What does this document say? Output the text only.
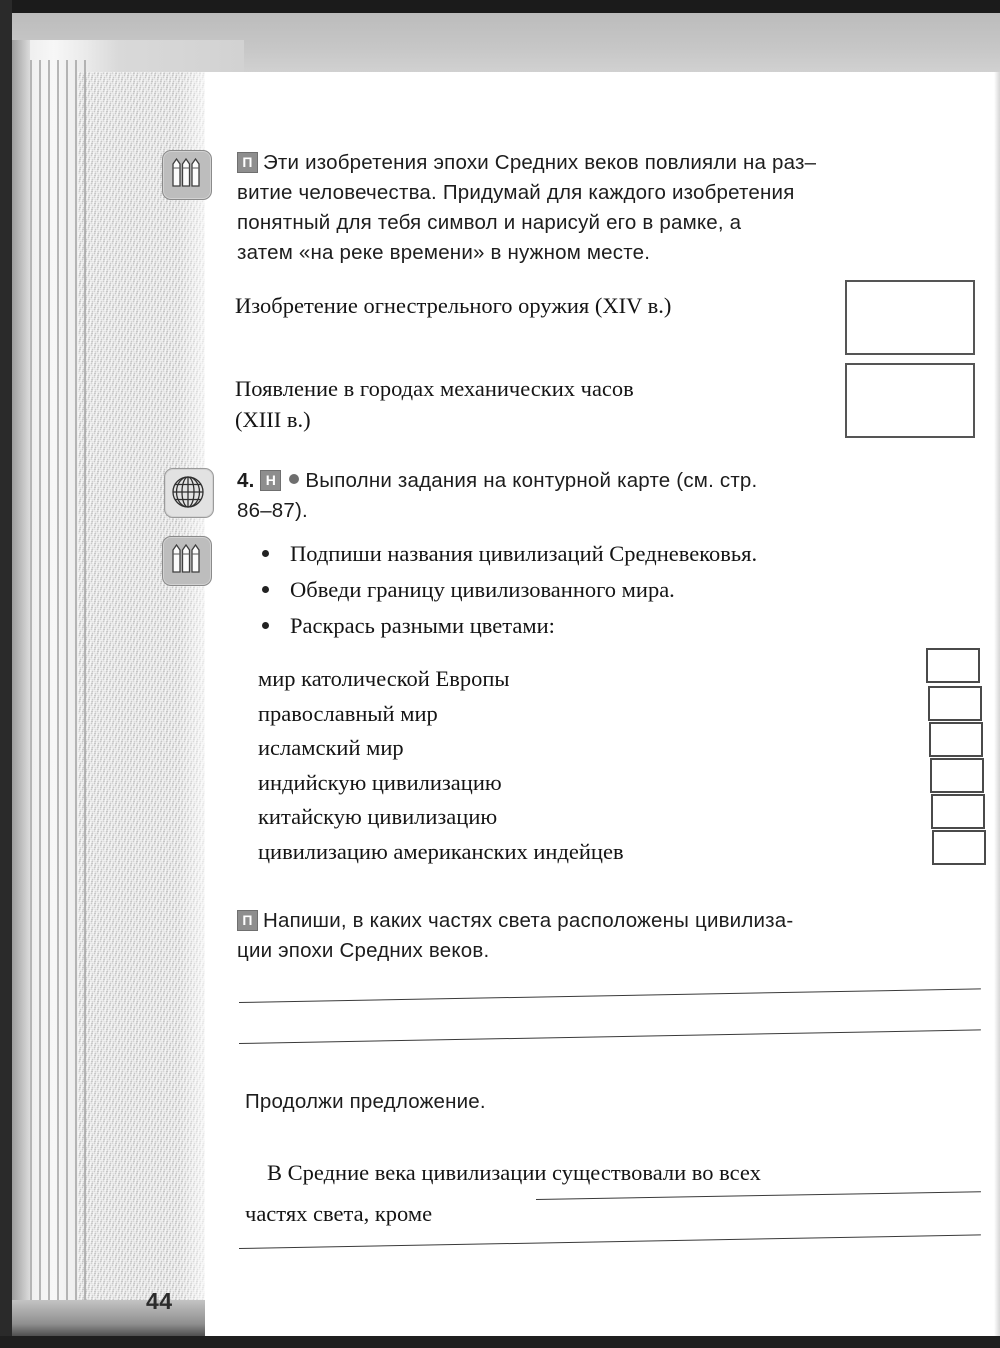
44
П Эти изобретения эпохи Средних веков повлияли на раз–
витие человечества. Придумай для каждого изобретения
понятный для тебя символ и нарисуй его в рамке, а
затем «на реке времени» в нужном месте.
Изобретение огнестрельного оружия (XIV в.)
Появление в городах механических часов
(XIII в.)
4. Н Выполни задания на контурной карте (см. стр.
86–87).
Подпиши названия цивилизаций Средневековья.
Обведи границу цивилизованного мира.
Раскрась разными цветами:
мир католической Европы
православный мир
исламский мир
индийскую цивилизацию
китайскую цивилизацию
цивилизацию американских индейцев
П Напиши, в каких частях света расположены цивилиза-
ции эпохи Средних веков.
Продолжи предложение.
В Средние века цивилизации существовали во всех
частях света, кроме
